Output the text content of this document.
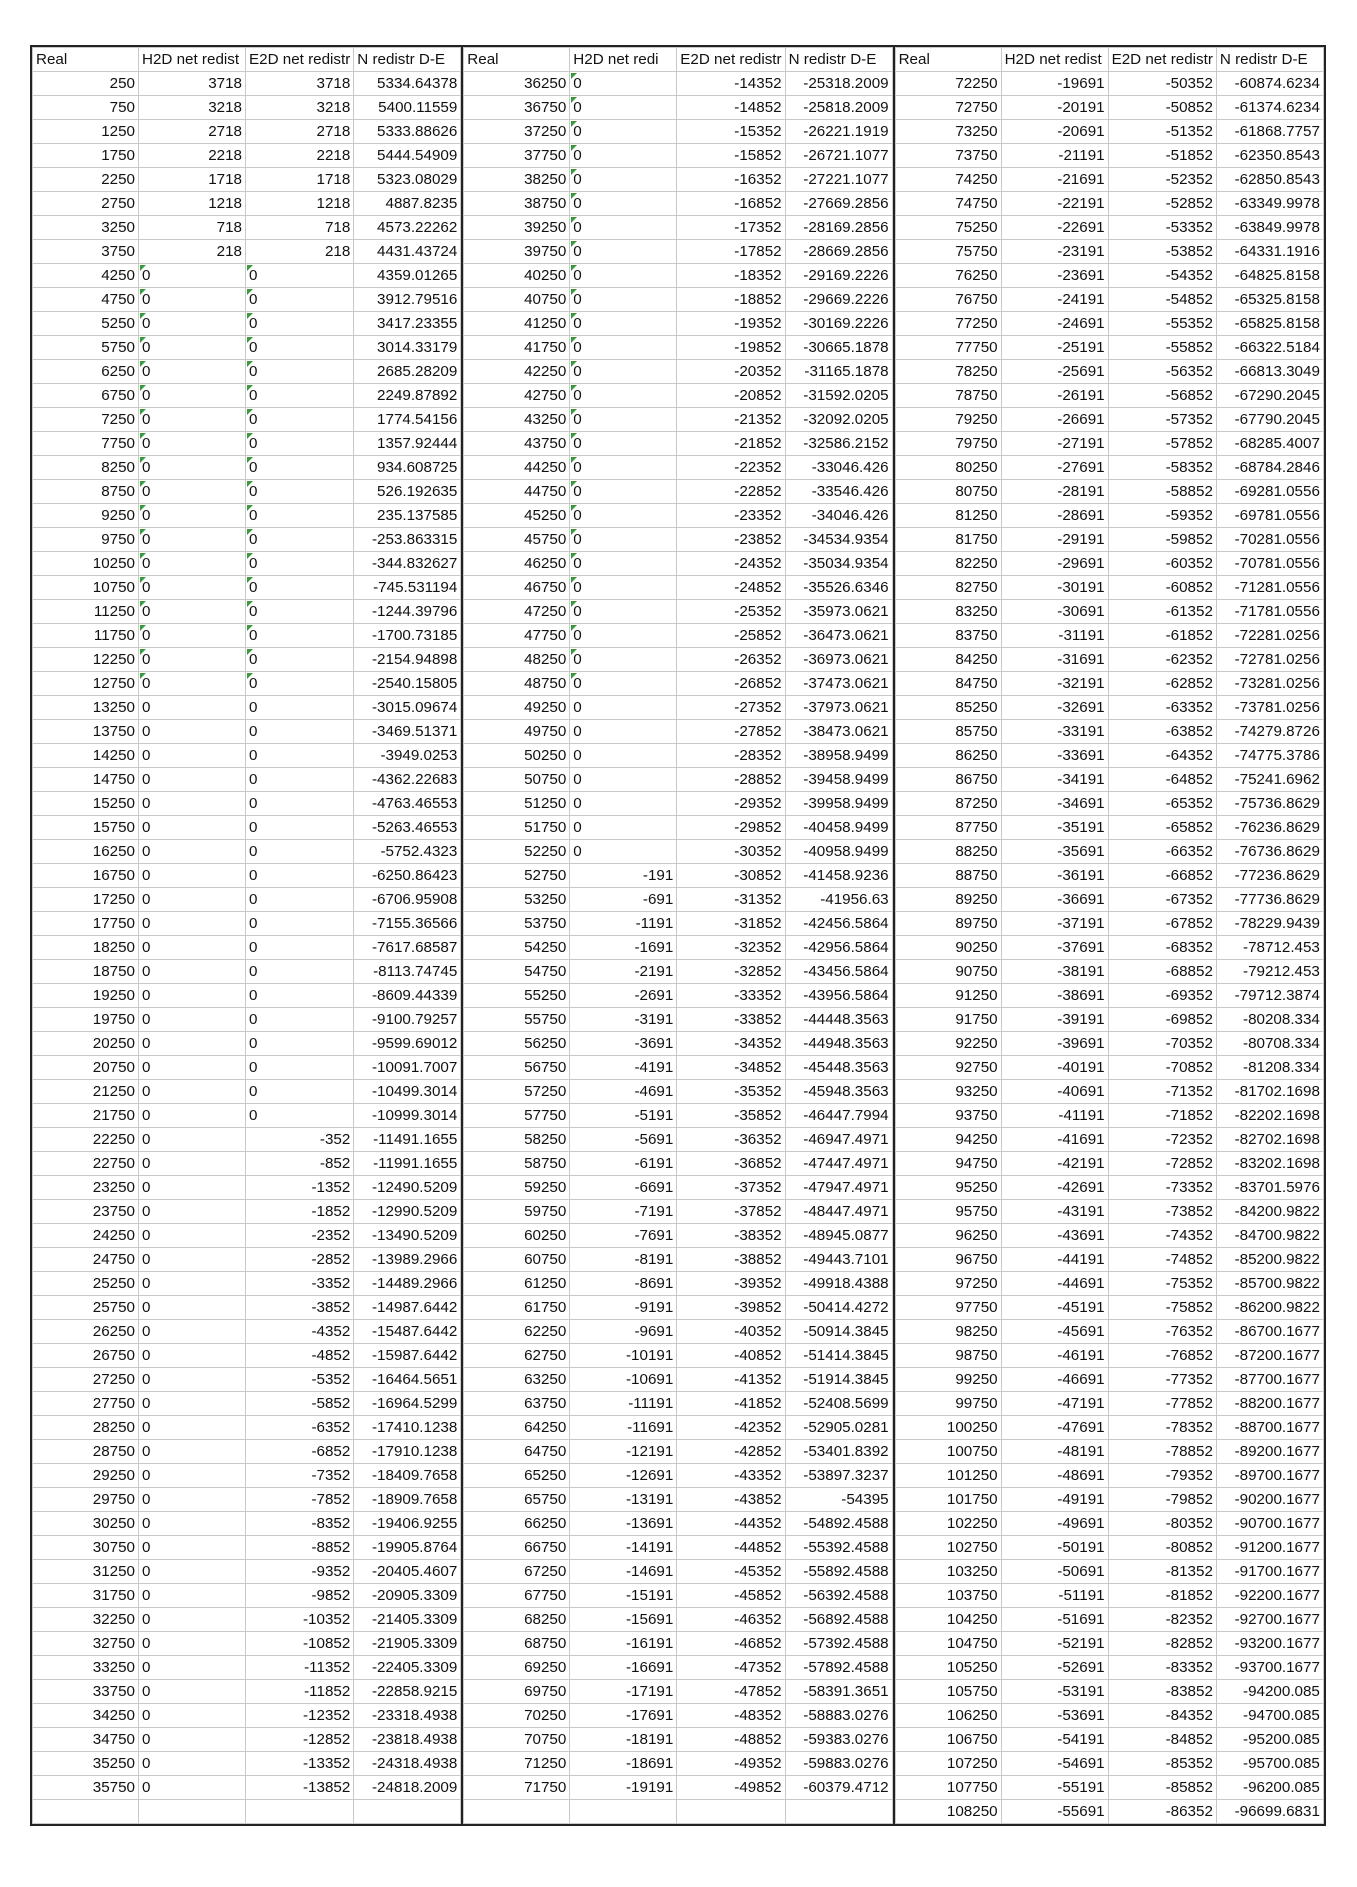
Real	H2D net redist	E2D net redistr	N redistr D-E
250	3718	3718	5334.64378
750	3218	3218	5400.11559
1250	2718	2718	5333.88626
1750	2218	2218	5444.54909
2250	1718	1718	5323.08029
2750	1218	1218	4887.8235
3250	718	718	4573.22262
3750	218	218	4431.43724
4250	0	0	4359.01265
4750	0	0	3912.79516
5250	0	0	3417.23355
5750	0	0	3014.33179
6250	0	0	2685.28209
6750	0	0	2249.87892
7250	0	0	1774.54156
7750	0	0	1357.92444
8250	0	0	934.608725
8750	0	0	526.192635
9250	0	0	235.137585
9750	0	0	-253.863315
10250	0	0	-344.832627
10750	0	0	-745.531194
11250	0	0	-1244.39796
11750	0	0	-1700.73185
12250	0	0	-2154.94898
12750	0	0	-2540.15805
13250	0	0	-3015.09674
13750	0	0	-3469.51371
14250	0	0	-3949.0253
14750	0	0	-4362.22683
15250	0	0	-4763.46553
15750	0	0	-5263.46553
16250	0	0	-5752.4323
16750	0	0	-6250.86423
17250	0	0	-6706.95908
17750	0	0	-7155.36566
18250	0	0	-7617.68587
18750	0	0	-8113.74745
19250	0	0	-8609.44339
19750	0	0	-9100.79257
20250	0	0	-9599.69012
20750	0	0	-10091.7007
21250	0	0	-10499.3014
21750	0	0	-10999.3014
22250	0	-352	-11491.1655
22750	0	-852	-11991.1655
23250	0	-1352	-12490.5209
23750	0	-1852	-12990.5209
24250	0	-2352	-13490.5209
24750	0	-2852	-13989.2966
25250	0	-3352	-14489.2966
25750	0	-3852	-14987.6442
26250	0	-4352	-15487.6442
26750	0	-4852	-15987.6442
27250	0	-5352	-16464.5651
27750	0	-5852	-16964.5299
28250	0	-6352	-17410.1238
28750	0	-6852	-17910.1238
29250	0	-7352	-18409.7658
29750	0	-7852	-18909.7658
30250	0	-8352	-19406.9255
30750	0	-8852	-19905.8764
31250	0	-9352	-20405.4607
31750	0	-9852	-20905.3309
32250	0	-10352	-21405.3309
32750	0	-10852	-21905.3309
33250	0	-11352	-22405.3309
33750	0	-11852	-22858.9215
34250	0	-12352	-23318.4938
34750	0	-12852	-23818.4938
35250	0	-13352	-24318.4938
35750	0	-13852	-24818.2009

Real	H2D net redi	E2D net redistr	N redistr D-E
36250	0	-14352	-25318.2009
36750	0	-14852	-25818.2009
37250	0	-15352	-26221.1919
37750	0	-15852	-26721.1077
38250	0	-16352	-27221.1077
38750	0	-16852	-27669.2856
39250	0	-17352	-28169.2856
39750	0	-17852	-28669.2856
40250	0	-18352	-29169.2226
40750	0	-18852	-29669.2226
41250	0	-19352	-30169.2226
41750	0	-19852	-30665.1878
42250	0	-20352	-31165.1878
42750	0	-20852	-31592.0205
43250	0	-21352	-32092.0205
43750	0	-21852	-32586.2152
44250	0	-22352	-33046.426
44750	0	-22852	-33546.426
45250	0	-23352	-34046.426
45750	0	-23852	-34534.9354
46250	0	-24352	-35034.9354
46750	0	-24852	-35526.6346
47250	0	-25352	-35973.0621
47750	0	-25852	-36473.0621
48250	0	-26352	-36973.0621
48750	0	-26852	-37473.0621
49250	0	-27352	-37973.0621
49750	0	-27852	-38473.0621
50250	0	-28352	-38958.9499
50750	0	-28852	-39458.9499
51250	0	-29352	-39958.9499
51750	0	-29852	-40458.9499
52250	0	-30352	-40958.9499
52750	-191	-30852	-41458.9236
53250	-691	-31352	-41956.63
53750	-1191	-31852	-42456.5864
54250	-1691	-32352	-42956.5864
54750	-2191	-32852	-43456.5864
55250	-2691	-33352	-43956.5864
55750	-3191	-33852	-44448.3563
56250	-3691	-34352	-44948.3563
56750	-4191	-34852	-45448.3563
57250	-4691	-35352	-45948.3563
57750	-5191	-35852	-46447.7994
58250	-5691	-36352	-46947.4971
58750	-6191	-36852	-47447.4971
59250	-6691	-37352	-47947.4971
59750	-7191	-37852	-48447.4971
60250	-7691	-38352	-48945.0877
60750	-8191	-38852	-49443.7101
61250	-8691	-39352	-49918.4388
61750	-9191	-39852	-50414.4272
62250	-9691	-40352	-50914.3845
62750	-10191	-40852	-51414.3845
63250	-10691	-41352	-51914.3845
63750	-11191	-41852	-52408.5699
64250	-11691	-42352	-52905.0281
64750	-12191	-42852	-53401.8392
65250	-12691	-43352	-53897.3237
65750	-13191	-43852	-54395
66250	-13691	-44352	-54892.4588
66750	-14191	-44852	-55392.4588
67250	-14691	-45352	-55892.4588
67750	-15191	-45852	-56392.4588
68250	-15691	-46352	-56892.4588
68750	-16191	-46852	-57392.4588
69250	-16691	-47352	-57892.4588
69750	-17191	-47852	-58391.3651
70250	-17691	-48352	-58883.0276
70750	-18191	-48852	-59383.0276
71250	-18691	-49352	-59883.0276
71750	-19191	-49852	-60379.4712

Real	H2D net redist	E2D net redistr	N redistr D-E
72250	-19691	-50352	-60874.6234
72750	-20191	-50852	-61374.6234
73250	-20691	-51352	-61868.7757
73750	-21191	-51852	-62350.8543
74250	-21691	-52352	-62850.8543
74750	-22191	-52852	-63349.9978
75250	-22691	-53352	-63849.9978
75750	-23191	-53852	-64331.1916
76250	-23691	-54352	-64825.8158
76750	-24191	-54852	-65325.8158
77250	-24691	-55352	-65825.8158
77750	-25191	-55852	-66322.5184
78250	-25691	-56352	-66813.3049
78750	-26191	-56852	-67290.2045
79250	-26691	-57352	-67790.2045
79750	-27191	-57852	-68285.4007
80250	-27691	-58352	-68784.2846
80750	-28191	-58852	-69281.0556
81250	-28691	-59352	-69781.0556
81750	-29191	-59852	-70281.0556
82250	-29691	-60352	-70781.0556
82750	-30191	-60852	-71281.0556
83250	-30691	-61352	-71781.0556
83750	-31191	-61852	-72281.0256
84250	-31691	-62352	-72781.0256
84750	-32191	-62852	-73281.0256
85250	-32691	-63352	-73781.0256
85750	-33191	-63852	-74279.8726
86250	-33691	-64352	-74775.3786
86750	-34191	-64852	-75241.6962
87250	-34691	-65352	-75736.8629
87750	-35191	-65852	-76236.8629
88250	-35691	-66352	-76736.8629
88750	-36191	-66852	-77236.8629
89250	-36691	-67352	-77736.8629
89750	-37191	-67852	-78229.9439
90250	-37691	-68352	-78712.453
90750	-38191	-68852	-79212.453
91250	-38691	-69352	-79712.3874
91750	-39191	-69852	-80208.334
92250	-39691	-70352	-80708.334
92750	-40191	-70852	-81208.334
93250	-40691	-71352	-81702.1698
93750	-41191	-71852	-82202.1698
94250	-41691	-72352	-82702.1698
94750	-42191	-72852	-83202.1698
95250	-42691	-73352	-83701.5976
95750	-43191	-73852	-84200.9822
96250	-43691	-74352	-84700.9822
96750	-44191	-74852	-85200.9822
97250	-44691	-75352	-85700.9822
97750	-45191	-75852	-86200.9822
98250	-45691	-76352	-86700.1677
98750	-46191	-76852	-87200.1677
99250	-46691	-77352	-87700.1677
99750	-47191	-77852	-88200.1677
100250	-47691	-78352	-88700.1677
100750	-48191	-78852	-89200.1677
101250	-48691	-79352	-89700.1677
101750	-49191	-79852	-90200.1677
102250	-49691	-80352	-90700.1677
102750	-50191	-80852	-91200.1677
103250	-50691	-81352	-91700.1677
103750	-51191	-81852	-92200.1677
104250	-51691	-82352	-92700.1677
104750	-52191	-82852	-93200.1677
105250	-52691	-83352	-93700.1677
105750	-53191	-83852	-94200.085
106250	-53691	-84352	-94700.085
106750	-54191	-84852	-95200.085
107250	-54691	-85352	-95700.085
107750	-55191	-85852	-96200.085
108250	-55691	-86352	-96699.6831
